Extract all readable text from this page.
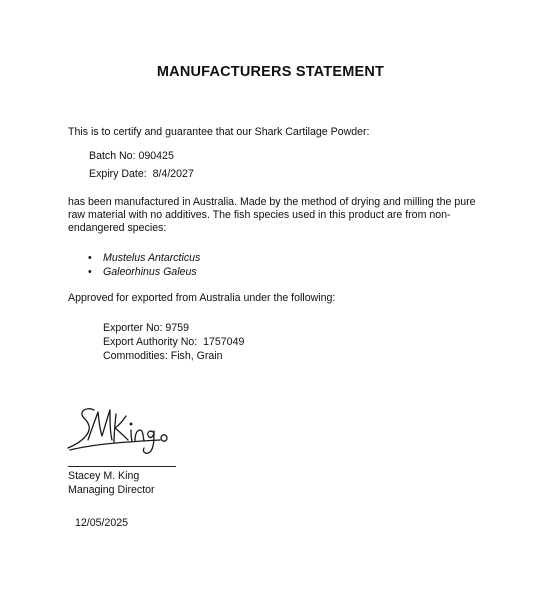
MANUFACTURERS STATEMENT
This is to certify and guarantee that our Shark Cartilage Powder:
Batch No: 090425
Expiry Date: 8/4/2027
has been manufactured in Australia. Made by the method of drying and milling the pure raw material with no additives. The fish species used in this product are from non-endangered species:
• Mustelus Antarcticus
• Galeorhinus Galeus
Approved for exported from Australia under the following:
Exporter No: 9759
Export Authority No: 1757049
Commodities: Fish, Grain
Stacey M. King
Managing Director
12/05/2025
